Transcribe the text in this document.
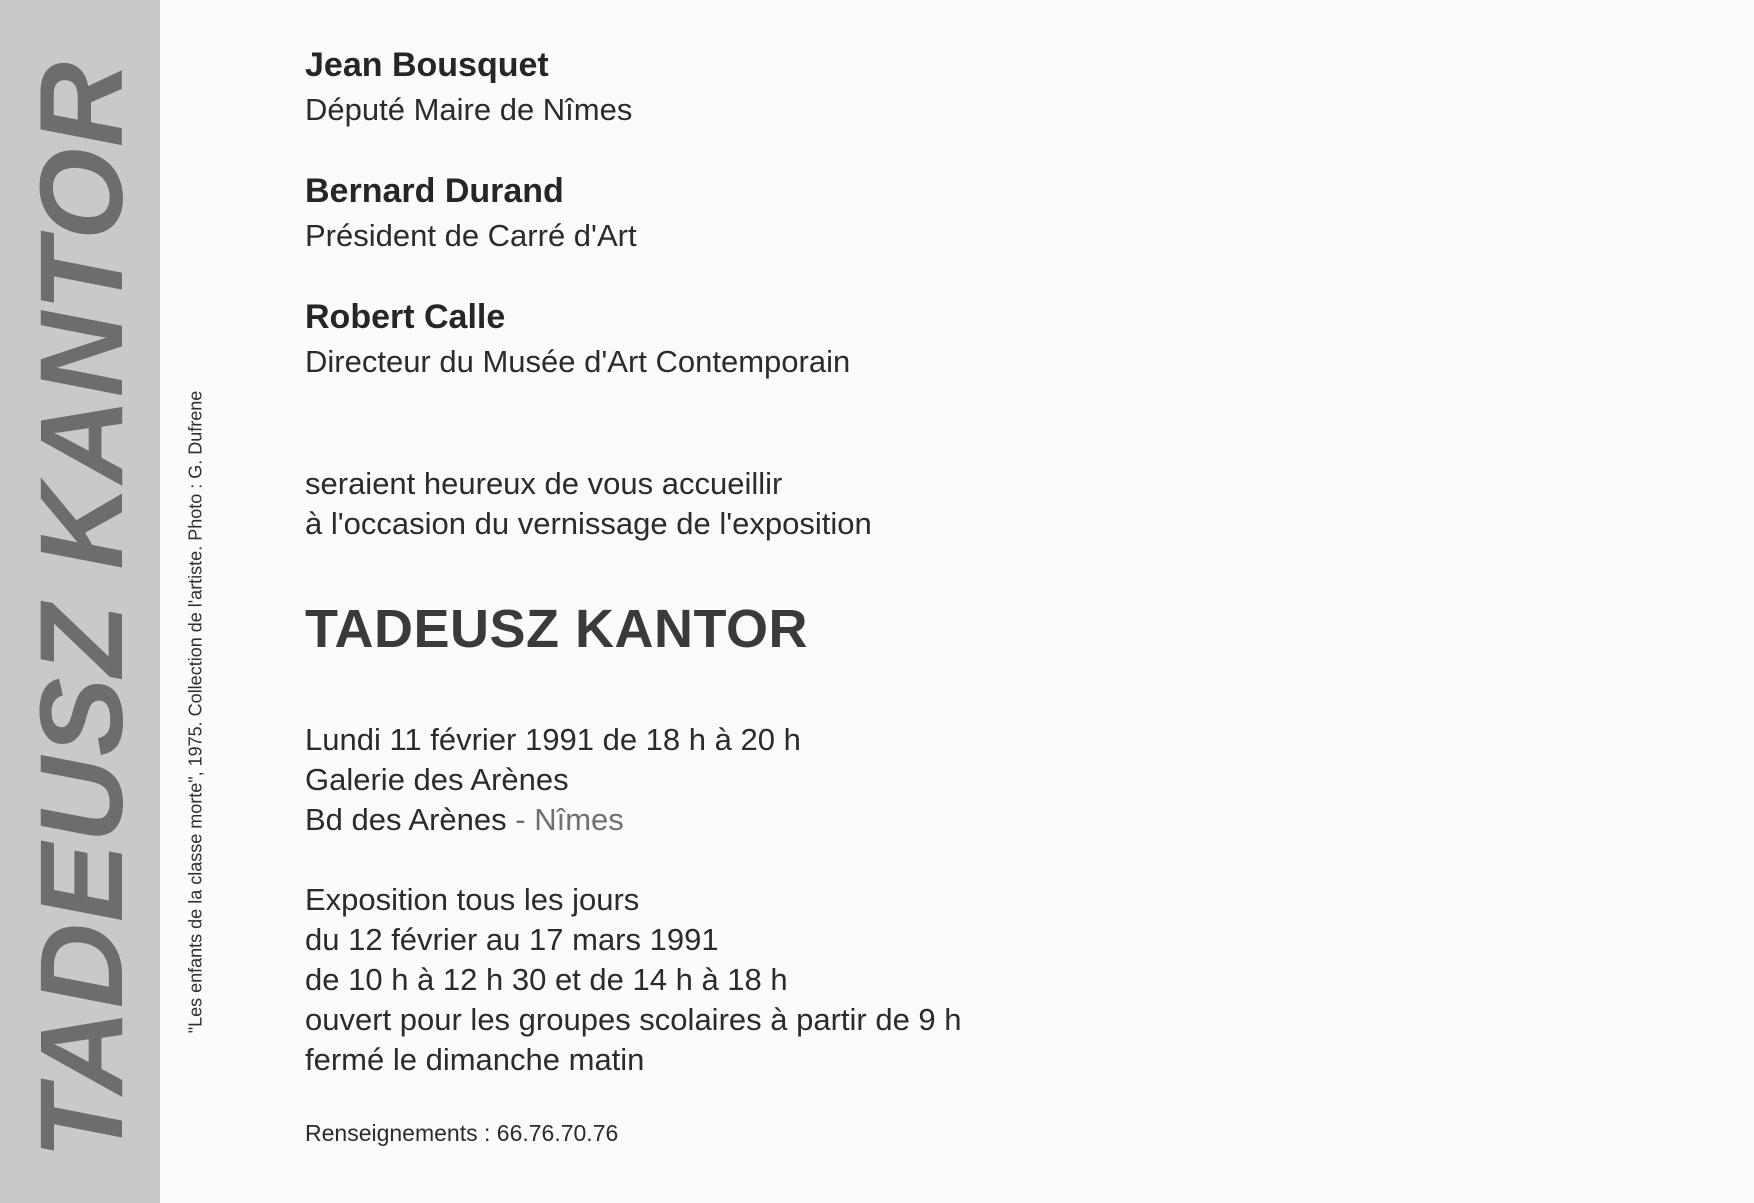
TADEUSZ KANTOR "Les enfants de la classe morte", 1975. Collection de l'artiste. Photo : G. Dufrene
Jean Bousquet
Député Maire de Nîmes
Bernard Durand
Président de Carré d'Art
Robert Calle
Directeur du Musée d'Art Contemporain
seraient heureux de vous accueillir
à l'occasion du vernissage de l'exposition
TADEUSZ KANTOR
Lundi 11 février 1991 de 18 h à 20 h
Galerie des Arènes
Bd des Arènes - Nîmes
Exposition tous les jours
du 12 février au 17 mars 1991
de 10 h à 12 h 30 et de 14 h à 18 h
ouvert pour les groupes scolaires à partir de 9 h
fermé le dimanche matin
Renseignements : 66.76.70.76
